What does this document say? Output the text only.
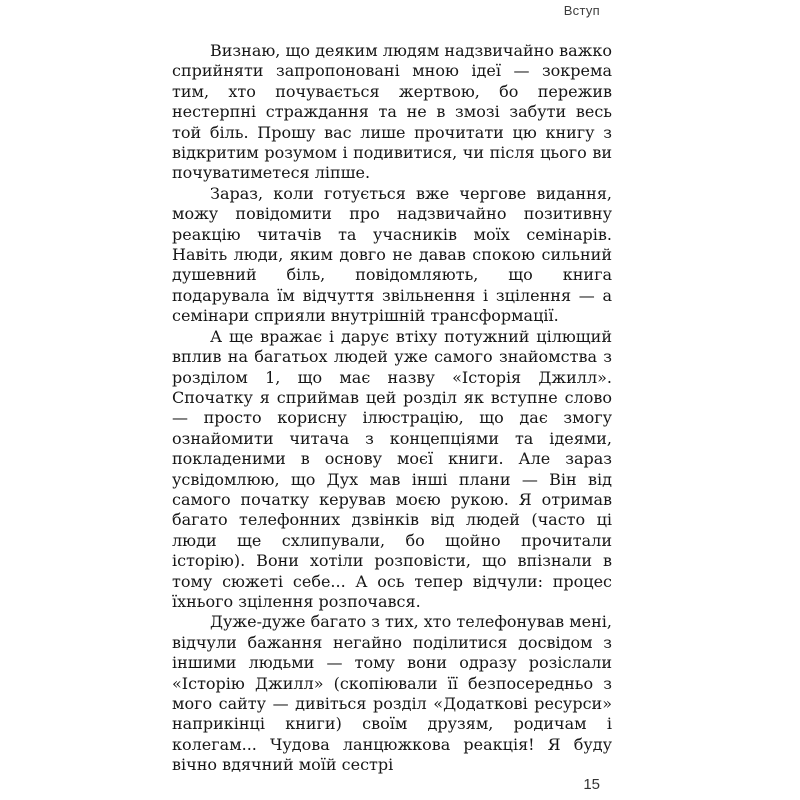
Вступ

Визнаю, що деяким людям надзвичайно важко сприйняти запропоновані мною ідеї — зокрема тим, хто почувається жертвою, бо пережив нестерпні страждання та не в змозі забути весь той біль. Прошу вас лише прочитати цю книгу з відкритим розумом і подивитися, чи після цього ви почуватиметеся ліпше.

Зараз, коли готується вже чергове видання, можу повідомити про надзвичайно позитивну реакцію читачів та учасників моїх семінарів. Навіть люди, яким довго не давав спокою сильний душевний біль, повідомляють, що книга подарувала їм відчуття звільнення і зцілення — а семінари сприяли внутрішній трансформації.

А ще вражає і дарує втіху потужний цілющий вплив на багатьох людей уже самого знайомства з розділом 1, що має назву «Історія Джилл». Спочатку я сприймав цей розділ як вступне слово — просто корисну ілюстрацію, що дає змогу ознайомити читача з концепціями та ідеями, покладеними в основу моєї книги. Але зараз усвідомлюю, що Дух мав інші плани — Він від самого початку керував моєю рукою. Я отримав багато телефонних дзвінків від людей (часто ці люди ще схлипували, бо щойно прочитали історію). Вони хотіли розповісти, що впізнали в тому сюжеті себе... А ось тепер відчули: процес їхнього зцілення розпочався.

Дуже-дуже багато з тих, хто телефонував мені, відчули бажання негайно поділитися досвідом з іншими людьми — тому вони одразу розіслали «Історію Джилл» (скопіювали її безпосередньо з мого сайту — дивіться розділ «Додаткові ресурси» наприкінці книги) своїм друзям, родичам і колегам... Чудова ланцюжкова реакція! Я буду вічно вдячний моїй сестрі

15
